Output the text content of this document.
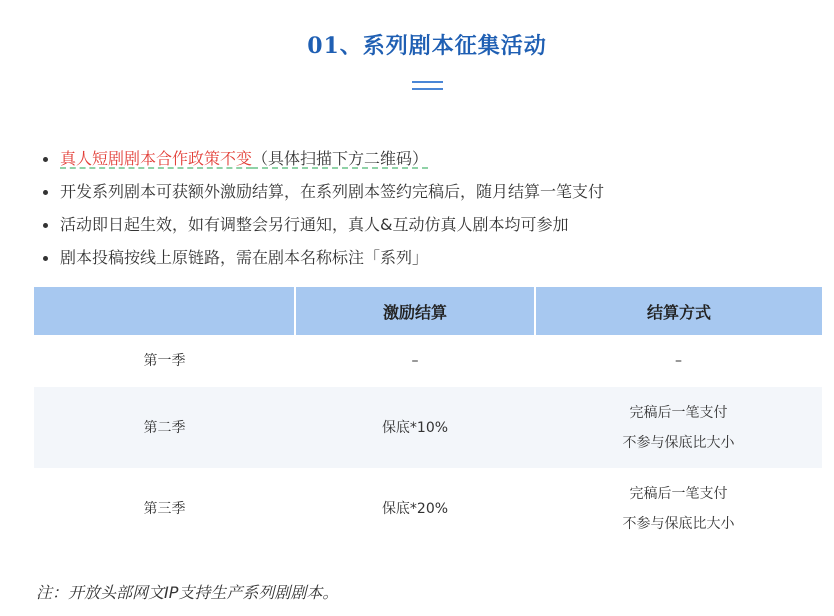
01、系列剧本征集活动
真人短剧剧本合作政策不变（具体扫描下方二维码）
开发系列剧本可获额外激励结算，在系列剧本签约完稿后，随月结算一笔支付
活动即日起生效，如有调整会另行通知，真人&互动仿真人剧本均可参加
剧本投稿按线上原链路，需在剧本名称标注「系列」
	激励结算	结算方式
第一季	–	–
第二季	保底*10%	完稿后一笔支付
不参与保底比大小

第三季	保底*20%	完稿后一笔支付
不参与保底比大小
注：开放头部网文IP支持生产系列剧剧本。
